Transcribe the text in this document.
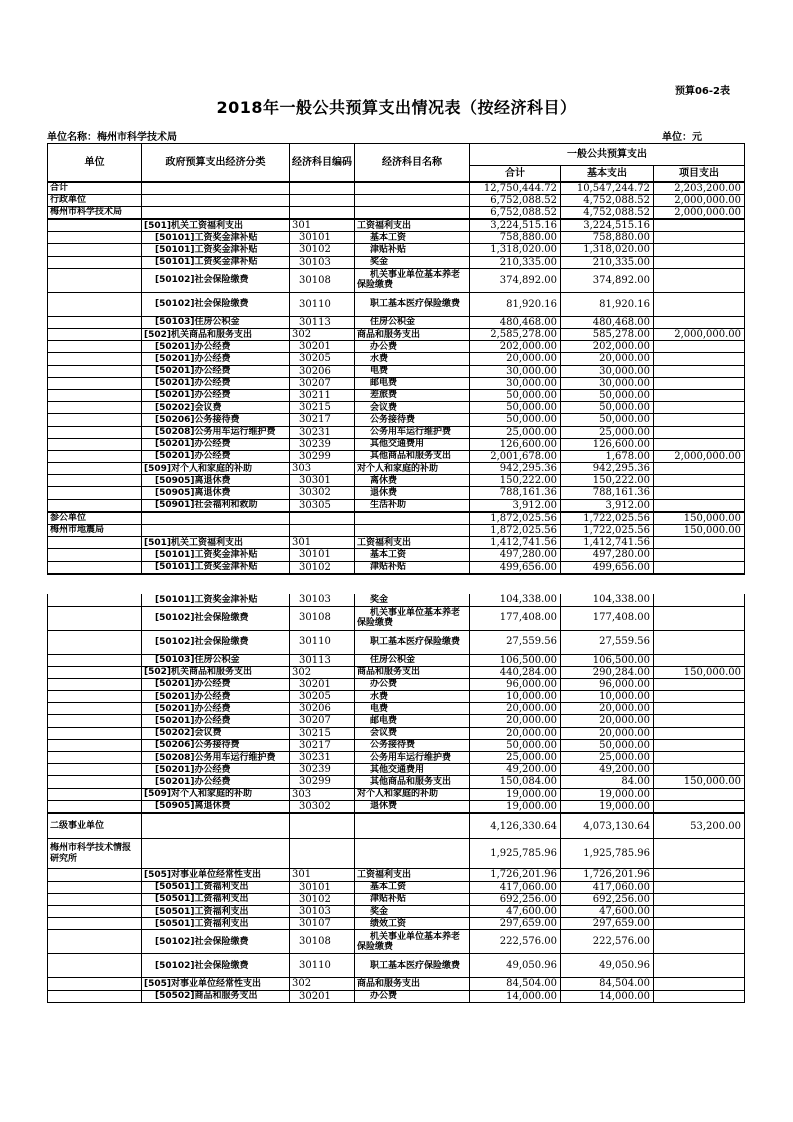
预算06-2表
2018年一般公共预算支出情况表（按经济科目）
单位名称：梅州市科学技术局	单位：元
单位	政府预算支出经济分类	经济科目编码	经济科目名称	一般公共预算支出		
				合计	基本支出	项目支出
合计				12,750,444.72	10,547,244.72	2,203,200.00
行政单位				6,752,088.52	4,752,088.52	2,000,000.00
梅州市科学技术局				6,752,088.52	4,752,088.52	2,000,000.00
	[501]机关工资福利支出	301	工资福利支出	3,224,515.16	3,224,515.16	
	[50101]工资奖金津补贴	30101	基本工资	758,880.00	758,880.00	
	[50101]工资奖金津补贴	30102	津贴补贴	1,318,020.00	1,318,020.00	
	[50101]工资奖金津补贴	30103	奖金	210,335.00	210,335.00	
	[50102]社会保险缴费	30108	机关事业单位基本养老保险缴费	374,892.00	374,892.00	
	[50102]社会保险缴费	30110	职工基本医疗保险缴费	81,920.16	81,920.16	
	[50103]住房公积金	30113	住房公积金	480,468.00	480,468.00	
	[502]机关商品和服务支出	302	商品和服务支出	2,585,278.00	585,278.00	2,000,000.00
	[50201]办公经费	30201	办公费	202,000.00	202,000.00	
	[50201]办公经费	30205	水费	20,000.00	20,000.00	
	[50201]办公经费	30206	电费	30,000.00	30,000.00	
	[50201]办公经费	30207	邮电费	30,000.00	30,000.00	
	[50201]办公经费	30211	差旅费	50,000.00	50,000.00	
	[50202]会议费	30215	会议费	50,000.00	50,000.00	
	[50206]公务接待费	30217	公务接待费	50,000.00	50,000.00	
	[50208]公务用车运行维护费	30231	公务用车运行维护费	25,000.00	25,000.00	
	[50201]办公经费	30239	其他交通费用	126,600.00	126,600.00	
	[50201]办公经费	30299	其他商品和服务支出	2,001,678.00	1,678.00	2,000,000.00
	[509]对个人和家庭的补助	303	对个人和家庭的补助	942,295.36	942,295.36	
	[50905]离退休费	30301	离休费	150,222.00	150,222.00	
	[50905]离退休费	30302	退休费	788,161.36	788,161.36	
	[50901]社会福利和救助	30305	生活补助	3,912.00	3,912.00	
参公单位				1,872,025.56	1,722,025.56	150,000.00
梅州市地震局				1,872,025.56	1,722,025.56	150,000.00
	[501]机关工资福利支出	301	工资福利支出	1,412,741.56	1,412,741.56	
	[50101]工资奖金津补贴	30101	基本工资	497,280.00	497,280.00	
	[50101]工资奖金津补贴	30102	津贴补贴	499,656.00	499,656.00	
	[50101]工资奖金津补贴	30103	奖金	104,338.00	104,338.00	
	[50102]社会保险缴费	30108	机关事业单位基本养老保险缴费	177,408.00	177,408.00	
	[50102]社会保险缴费	30110	职工基本医疗保险缴费	27,559.56	27,559.56	
	[50103]住房公积金	30113	住房公积金	106,500.00	106,500.00	
	[502]机关商品和服务支出	302	商品和服务支出	440,284.00	290,284.00	150,000.00
	[50201]办公经费	30201	办公费	96,000.00	96,000.00	
	[50201]办公经费	30205	水费	10,000.00	10,000.00	
	[50201]办公经费	30206	电费	20,000.00	20,000.00	
	[50201]办公经费	30207	邮电费	20,000.00	20,000.00	
	[50202]会议费	30215	会议费	20,000.00	20,000.00	
	[50206]公务接待费	30217	公务接待费	50,000.00	50,000.00	
	[50208]公务用车运行维护费	30231	公务用车运行维护费	25,000.00	25,000.00	
	[50201]办公经费	30239	其他交通费用	49,200.00	49,200.00	
	[50201]办公经费	30299	其他商品和服务支出	150,084.00	84.00	150,000.00
	[509]对个人和家庭的补助	303	对个人和家庭的补助	19,000.00	19,000.00	
	[50905]离退休费	30302	退休费	19,000.00	19,000.00	
二级事业单位				4,126,330.64	4,073,130.64	53,200.00
梅州市科学技术情报研究所				1,925,785.96	1,925,785.96	
	[505]对事业单位经常性支出	301	工资福利支出	1,726,201.96	1,726,201.96	
	[50501]工资福利支出	30101	基本工资	417,060.00	417,060.00	
	[50501]工资福利支出	30102	津贴补贴	692,256.00	692,256.00	
	[50501]工资福利支出	30103	奖金	47,600.00	47,600.00	
	[50501]工资福利支出	30107	绩效工资	297,659.00	297,659.00	
	[50102]社会保险缴费	30108	机关事业单位基本养老保险缴费	222,576.00	222,576.00	
	[50102]社会保险缴费	30110	职工基本医疗保险缴费	49,050.96	49,050.96	
	[505]对事业单位经常性支出	302	商品和服务支出	84,504.00	84,504.00	
	[50502]商品和服务支出	30201	办公费	14,000.00	14,000.00	
